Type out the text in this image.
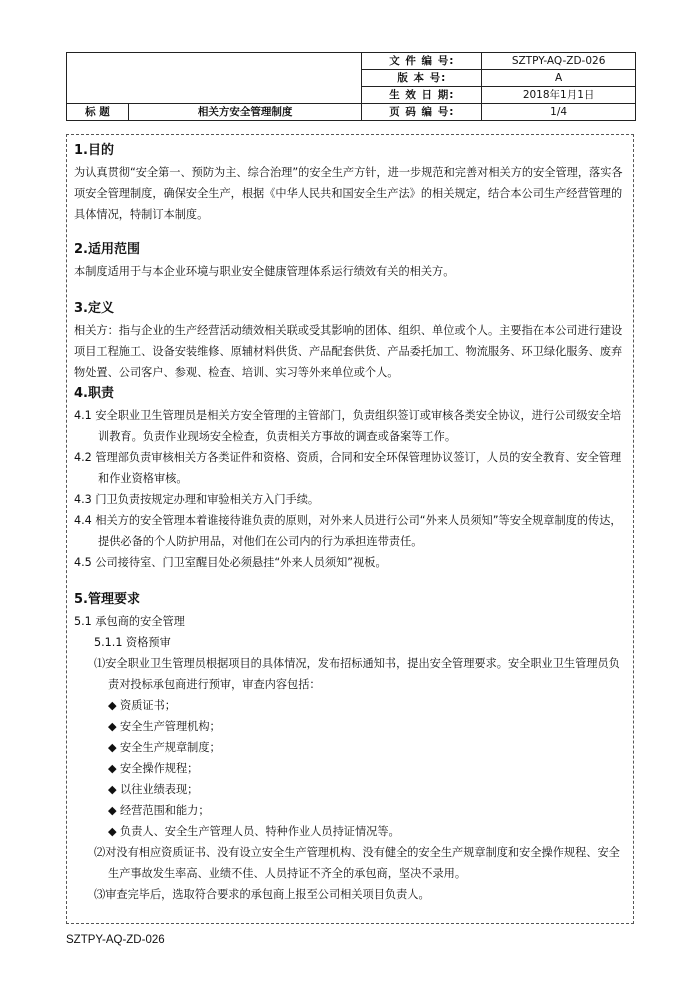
		文 件 编 号:	SZTPY-AQ-ZD-026
		版 本 号:	A
		生 效 日 期:	2018年1月1日
标 题	相关方安全管理制度	页 码 编 号:	1/4

1.目的

为认真贯彻“安全第一、预防为主、综合治理”的安全生产方针，进一步规范和完善对相关方的安全管理，落实各项安全管理制度，确保安全生产，根据《中华人民共和国安全生产法》的相关规定，结合本公司生产经营管理的具体情况，特制订本制度。

2.适用范围

本制度适用于与本企业环境与职业安全健康管理体系运行绩效有关的相关方。

3.定义

相关方：指与企业的生产经营活动绩效相关联或受其影响的团体、组织、单位或个人。主要指在本公司进行建设项目工程施工、设备安装维修、原辅材料供货、产品配套供货、产品委托加工、物流服务、环卫绿化服务、废弃物处置、公司客户、参观、检查、培训、实习等外来单位或个人。

4.职责

4.1 安全职业卫生管理员是相关方安全管理的主管部门，负责组织签订或审核各类安全协议，进行公司级安全培训教育。负责作业现场安全检查，负责相关方事故的调查或备案等工作。

4.2 管理部负责审核相关方各类证件和资格、资质，合同和安全环保管理协议签订，人员的安全教育、安全管理和作业资格审核。

4.3 门卫负责按规定办理和审验相关方入门手续。

4.4 相关方的安全管理本着谁接待谁负责的原则，对外来人员进行公司“外来人员须知”等安全规章制度的传达，提供必备的个人防护用品，对他们在公司内的行为承担连带责任。

4.5 公司接待室、门卫室醒目处必须悬挂“外来人员须知”视板。

5.管理要求

5.1 承包商的安全管理

5.1.1 资格预审

⑴安全职业卫生管理员根据项目的具体情况，发布招标通知书，提出安全管理要求。安全职业卫生管理员负责对投标承包商进行预审，审查内容包括：

◆ 资质证书；

◆ 安全生产管理机构；

◆ 安全生产规章制度；

◆ 安全操作规程；

◆ 以往业绩表现；

◆ 经营范围和能力；

◆ 负责人、安全生产管理人员、特种作业人员持证情况等。

⑵对没有相应资质证书、没有设立安全生产管理机构、没有健全的安全生产规章制度和安全操作规程、安全生产事故发生率高、业绩不佳、人员持证不齐全的承包商，坚决不录用。

⑶审查完毕后，选取符合要求的承包商上报至公司相关项目负责人。

SZTPY-AQ-ZD-026
